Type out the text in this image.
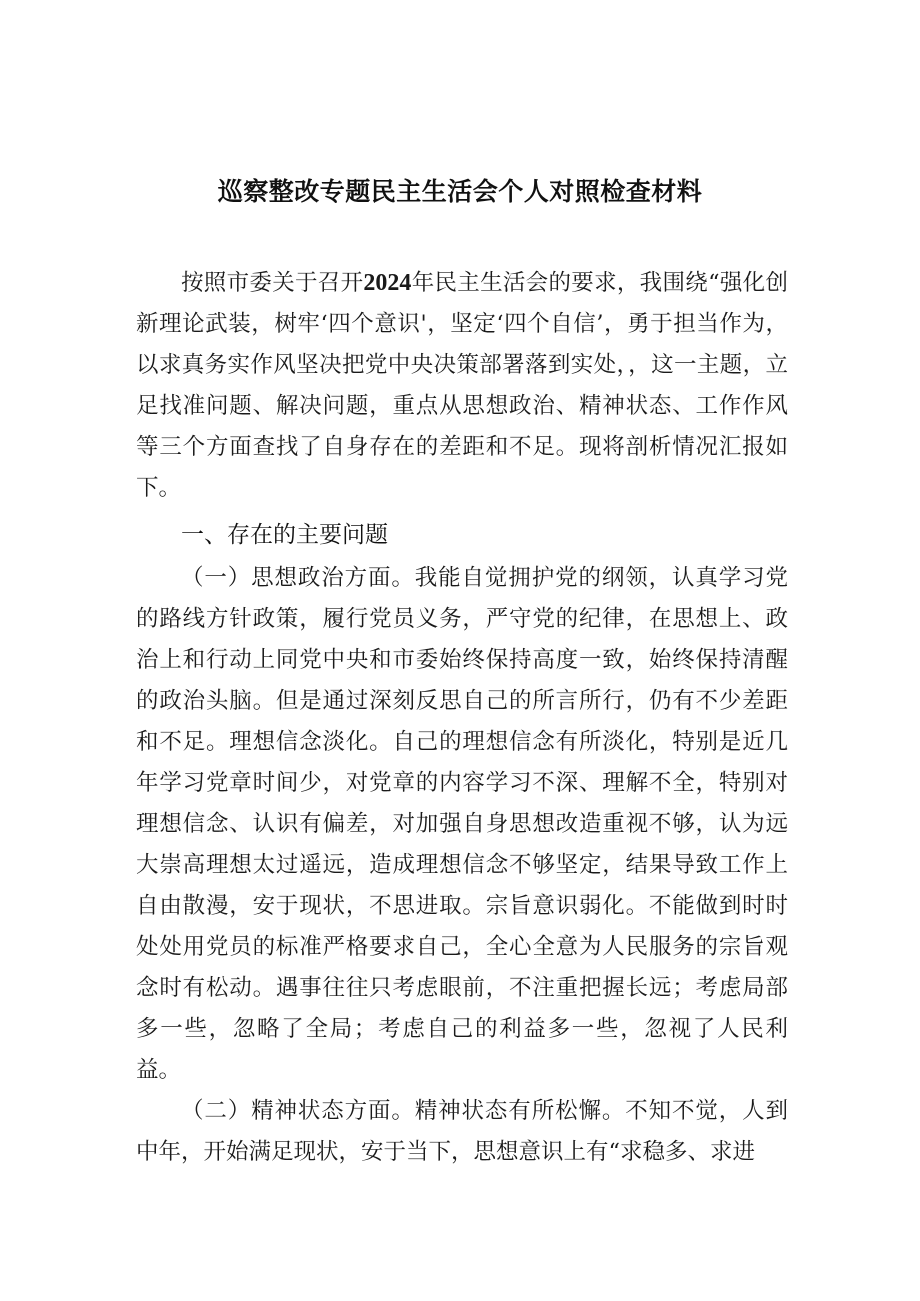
巡察整改专题民主生活会个人对照检查材料

按照市委关于召开2024年民主生活会的要求，我围绕“强化创新理论武装，树牢‘四个意识'，坚定‘四个自信’，勇于担当作为，以求真务实作风坚决把党中央决策部署落到实处，，这一主题，立足找准问题、解决问题，重点从思想政治、精神状态、工作作风等三个方面查找了自身存在的差距和不足。现将剖析情况汇报如下。

一、存在的主要问题

（一）思想政治方面。我能自觉拥护党的纲领，认真学习党的路线方针政策，履行党员义务，严守党的纪律，在思想上、政治上和行动上同党中央和市委始终保持高度一致，始终保持清醒的政治头脑。但是通过深刻反思自己的所言所行，仍有不少差距和不足。理想信念淡化。自己的理想信念有所淡化，特别是近几年学习党章时间少，对党章的内容学习不深、理解不全，特别对理想信念、认识有偏差，对加强自身思想改造重视不够，认为远大崇高理想太过遥远，造成理想信念不够坚定，结果导致工作上自由散漫，安于现状，不思进取。宗旨意识弱化。不能做到时时处处用党员的标准严格要求自己，全心全意为人民服务的宗旨观念时有松动。遇事往往只考虑眼前，不注重把握长远；考虑局部多一些，忽略了全局；考虑自己的利益多一些，忽视了人民利益。

（二）精神状态方面。精神状态有所松懈。不知不觉，人到中年，开始满足现状，安于当下，思想意识上有“求稳多、求进
